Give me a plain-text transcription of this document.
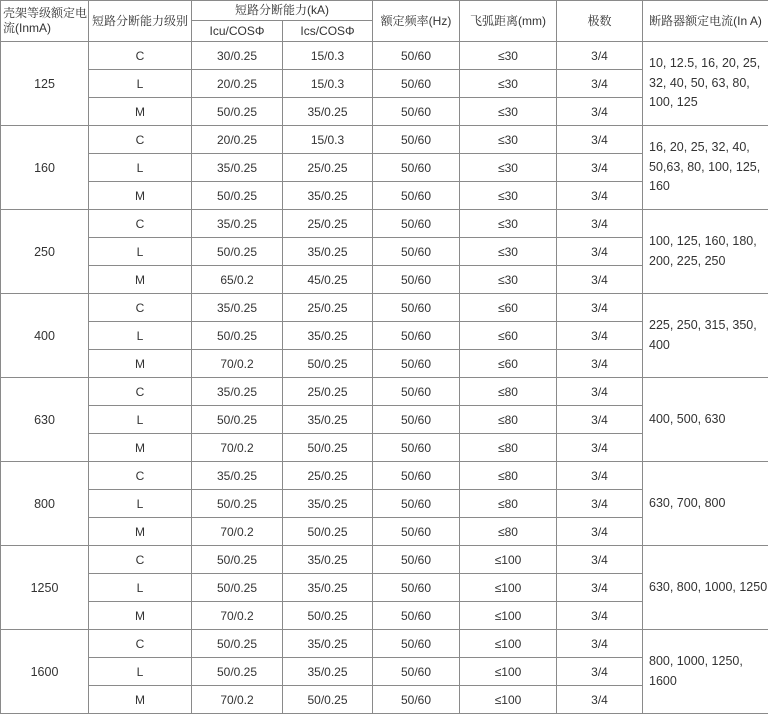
壳架等级额定电流(InmA)	短路分断能力级别	短路分断能力(kA)		额定频率(Hz)	飞弧距离(mm)	极数	断路器额定电流(In A)
		Icu/COSΦ	Ics/COSΦ				
125	C	30/0.25	15/0.3	50/60	≤30	3/4	10, 12.5, 16, 20, 25, 32, 40, 50, 63, 80, 100, 125
	L	20/0.25	15/0.3	50/60	≤30	3/4	
	M	50/0.25	35/0.25	50/60	≤30	3/4	
160	C	20/0.25	15/0.3	50/60	≤30	3/4	16, 20, 25, 32, 40, 50,63, 80, 100, 125, 160
	L	35/0.25	25/0.25	50/60	≤30	3/4	
	M	50/0.25	35/0.25	50/60	≤30	3/4	
250	C	35/0.25	25/0.25	50/60	≤30	3/4	100, 125, 160, 180, 200, 225, 250
	L	50/0.25	35/0.25	50/60	≤30	3/4	
	M	65/0.2	45/0.25	50/60	≤30	3/4	
400	C	35/0.25	25/0.25	50/60	≤60	3/4	225, 250, 315, 350, 400
	L	50/0.25	35/0.25	50/60	≤60	3/4	
	M	70/0.2	50/0.25	50/60	≤60	3/4	
630	C	35/0.25	25/0.25	50/60	≤80	3/4	400, 500, 630
	L	50/0.25	35/0.25	50/60	≤80	3/4	
	M	70/0.2	50/0.25	50/60	≤80	3/4	
800	C	35/0.25	25/0.25	50/60	≤80	3/4	630, 700, 800
	L	50/0.25	35/0.25	50/60	≤80	3/4	
	M	70/0.2	50/0.25	50/60	≤80	3/4	
1250	C	50/0.25	35/0.25	50/60	≤100	3/4	630, 800, 1000, 1250
	L	50/0.25	35/0.25	50/60	≤100	3/4	
	M	70/0.2	50/0.25	50/60	≤100	3/4	
1600	C	50/0.25	35/0.25	50/60	≤100	3/4	800, 1000, 1250, 1600
	L	50/0.25	35/0.25	50/60	≤100	3/4	
	M	70/0.2	50/0.25	50/60	≤100	3/4	
